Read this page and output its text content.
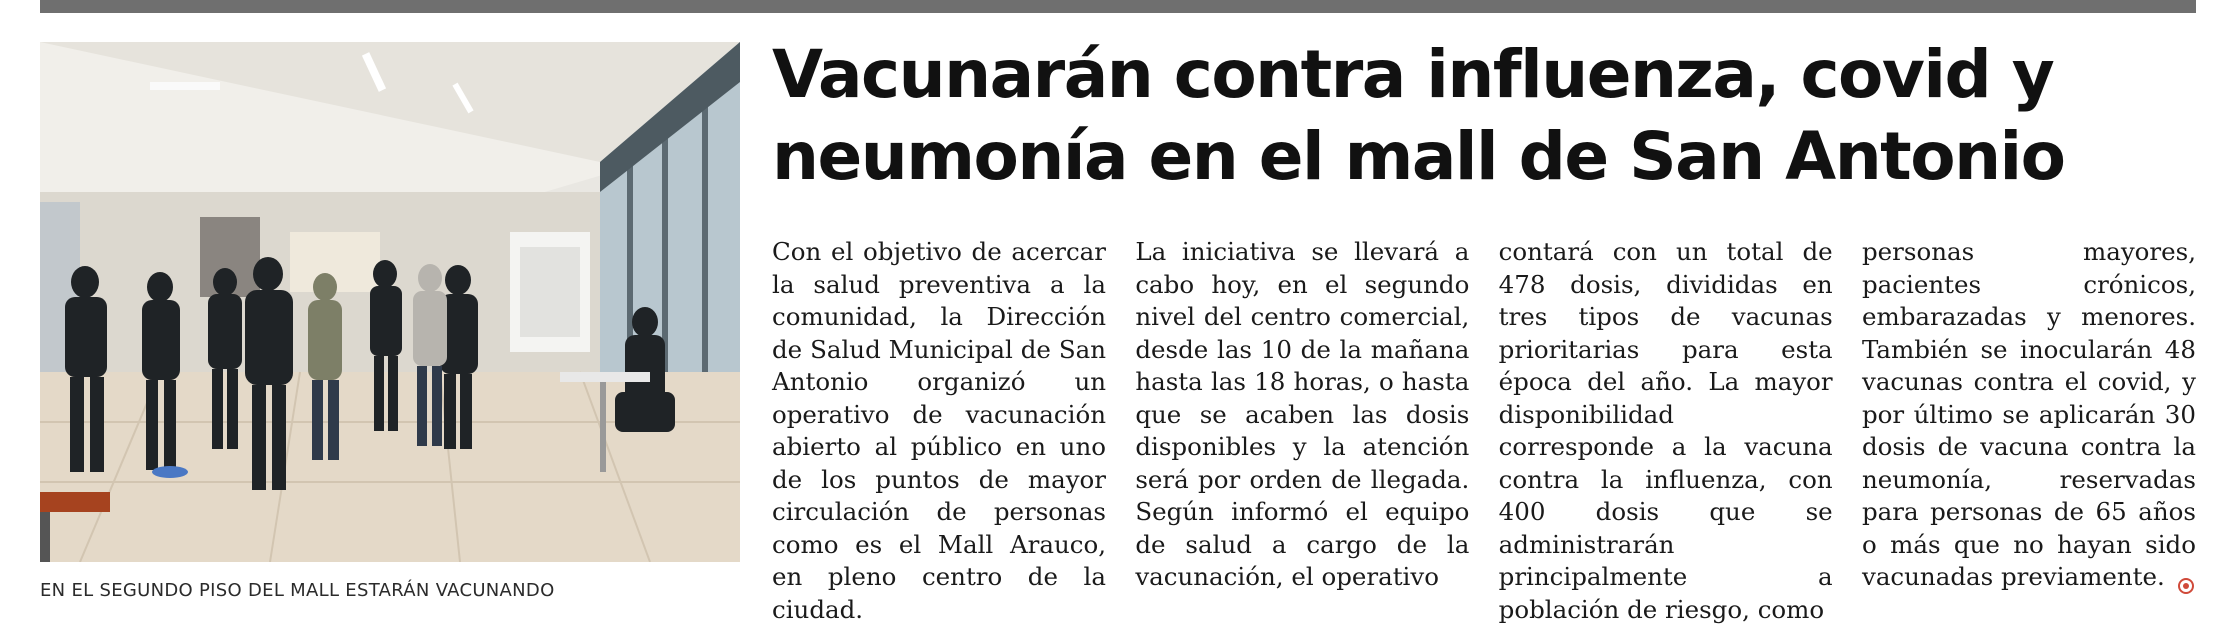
EN EL SEGUNDO PISO DEL MALL ESTARÁN VACUNANDO
Vacunarán contra influenza, covid y
neumonía en el mall de San Antonio

Con el objetivo de acercar la salud preventiva a la comunidad, la Dirección de Salud Municipal de San Antonio organizó un operativo de vacunación abierto al público en uno de los puntos de mayor circulación de personas como es el Mall Arauco, en pleno centro de la ciudad.

La iniciativa se llevará a cabo hoy, en el segundo nivel del centro comercial, desde las 10 de la mañana hasta las 18 horas, o hasta que se acaben las dosis disponibles y la atención será por orden de llegada. Según informó el equipo de salud a cargo de la vacunación, el operativo

contará con un total de 478 dosis, divididas en tres tipos de vacunas prioritarias para esta época del año. La mayor disponibilidad corresponde a la vacuna contra la influenza, con 400 dosis que se administrarán principalmente a población de riesgo, como

personas mayores, pacientes crónicos, embarazadas y menores. También se inocularán 48 vacunas contra el covid, y por último se aplicarán 30 dosis de vacuna contra la neumonía, reservadas para personas de 65 años o más que no hayan sido vacunadas previamente.
